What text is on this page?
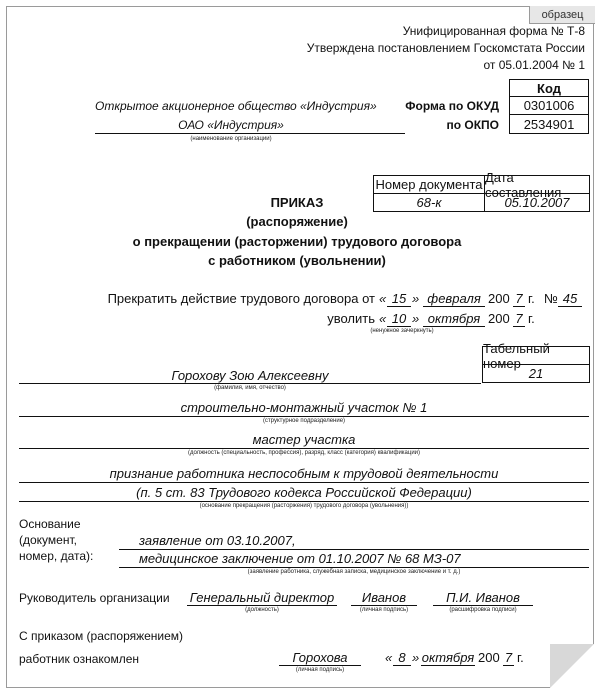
образец
Унифицированная форма № Т-8
Утверждена постановлением Госкомстата России
от 05.01.2004 № 1
Код
0301006
2534901
Форма по ОКУД
по ОКПО
Открытое акционерное общество «Индустрия»
ОАО «Индустрия»
(наименование организации)
Номер документа Дата составления
68-к	05.10.2007
ПРИКАЗ
(распоряжение)
о прекращении (расторжении) трудового договора
с работником (увольнении)
Прекратить действие трудового договора от « 15 » февраля 200 7 г. № 45
уволить « 10 » октября 200 7 г.
(ненужное зачеркнуть)
Табельный номер
21
Горохову Зою Алексеевну
(фамилия, имя, отчество)
строительно-монтажный участок № 1
(структурное подразделение)
мастер участка
(должность (специальность, профессия), разряд, класс (категория) квалификации)
признание работника неспособным к трудовой деятельности
(п. 5 ст. 83 Трудового кодекса Российской Федерации)
(основание прекращения (расторжения) трудового договора (увольнения))
Основание
(документ,
номер, дата):
заявление от 03.10.2007,
медицинское заключение от 01.10.2007 № 68 МЗ-07
(заявление работника, служебная записка, медицинское заключение и т. д.)
Руководитель организации Генеральный директор
(должность)
Иванов
(личная подпись)
П.И. Иванов
(расшифровка подписи)
С приказом (распоряжением)
работник ознакомлен	Горохова
(личная подпись)
« 8 » октября 200 7 г.
